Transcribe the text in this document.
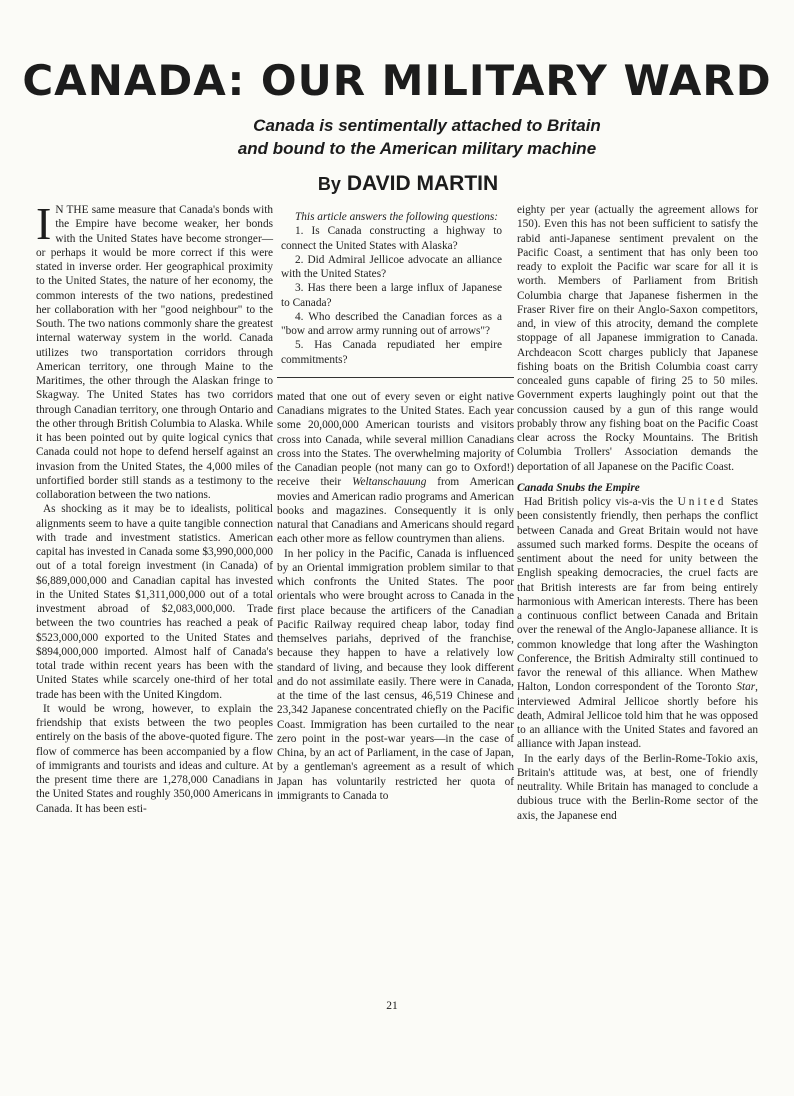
CANADA: OUR MILITARY WARD
Canada is sentimentally attached to Britain
and bound to the American military machine
By DAVID MARTIN

I N THE same measure that Canada's bonds with the Empire have become weaker, her bonds with the United States have become stronger—or perhaps it would be more correct if this were stated in inverse order. Her geographical proximity to the United States, the nature of her economy, the common interests of the two nations, predestined her collaboration with her "good neighbour" to the South. The two nations commonly share the greatest internal waterway system in the world. Canada utilizes two transportation corridors through American territory, one through Maine to the Maritimes, the other through the Alaskan fringe to Skagway. The United States has two corridors through Canadian territory, one through Ontario and the other through British Columbia to Alaska. While it has been pointed out by quite logical cynics that Canada could not hope to defend herself against an invasion from the United States, the 4,000 miles of unfortified border still stands as a testimony to the collaboration between the two nations.

As shocking as it may be to idealists, political alignments seem to have a quite tangible connection with trade and investment statistics. American capital has invested in Canada some $3,990,000,000 out of a total foreign investment (in Canada) of $6,889,000,000 and Canadian capital has invested in the United States $1,311,000,000 out of a total investment abroad of $2,083,000,000. Trade between the two countries has reached a peak of $523,000,000 exported to the United States and $894,000,000 imported. Almost half of Canada's total trade within recent years has been with the United States while scarcely one-third of her total trade has been with the United Kingdom.

It would be wrong, however, to explain the friendship that exists between the two peoples entirely on the basis of the above-quoted figure. The flow of commerce has been accompanied by a flow of immigrants and tourists and ideas and culture. At the present time there are 1,278,000 Canadians in the United States and roughly 350,000 Americans in Canada. It has been esti-

This article answers the following questions:

1. Is Canada constructing a highway to connect the United States with Alaska?

2. Did Admiral Jellicoe advocate an alliance with the United States?

3. Has there been a large influx of Japanese to Canada?

4. Who described the Canadian forces as a "bow and arrow army running out of arrows"?

5. Has Canada repudiated her empire commitments?

mated that one out of every seven or eight native Canadians migrates to the United States. Each year some 20,000,000 American tourists and visitors cross into Canada, while several million Canadians cross into the States. The overwhelming majority of the Canadian people (not many can go to Oxford!) receive their Weltanschauung from American movies and American radio programs and American books and magazines. Consequently it is only natural that Canadians and Americans should regard each other more as fellow countrymen than aliens.

In her policy in the Pacific, Canada is influenced by an Oriental immigration problem similar to that which confronts the United States. The poor orientals who were brought across to Canada in the first place because the artificers of the Canadian Pacific Railway required cheap labor, today find themselves pariahs, deprived of the franchise, because they happen to have a relatively low standard of living, and because they look different and do not assimilate easily. There were in Canada, at the time of the last census, 46,519 Chinese and 23,342 Japanese concentrated chiefly on the Pacific Coast. Immigration has been curtailed to the near zero point in the post-war years—in the case of China, by an act of Parliament, in the case of Japan, by a gentleman's agreement as a result of which Japan has voluntarily restricted her quota of immigrants to Canada to

eighty per year (actually the agreement allows for 150). Even this has not been sufficient to satisfy the rabid anti-Japanese sentiment prevalent on the Pacific Coast, a sentiment that has only been too ready to exploit the Pacific war scare for all it is worth. Members of Parliament from British Columbia charge that Japanese fishermen in the Fraser River fire on their Anglo-Saxon competitors, and, in view of this atrocity, demand the complete stoppage of all Japanese immigration to Canada. Archdeacon Scott charges publicly that Japanese fishing boats on the British Columbia coast carry concealed guns capable of firing 25 to 50 miles. Government experts laughingly point out that the concussion caused by a gun of this range would probably throw any fishing boat on the Pacific Coast clear across the Rocky Mountains. The British Columbia Trollers' Association demands the deportation of all Japanese on the Pacific Coast.

Canada Snubs the Empire

Had British policy vis-a-vis the United States been consistently friendly, then perhaps the conflict between Canada and Great Britain would not have assumed such marked forms. Despite the oceans of sentiment about the need for unity between the English speaking democracies, the cruel facts are that British interests are far from being entirely harmonious with American interests. There has been a continuous conflict between Canada and Britain over the renewal of the Anglo-Japanese alliance. It is common knowledge that long after the Washington Conference, the British Admiralty still continued to favor the renewal of this alliance. When Mathew Halton, London correspondent of the Toronto Star, interviewed Admiral Jellicoe shortly before his death, Admiral Jellicoe told him that he was opposed to an alliance with the United States and favored an alliance with Japan instead.

In the early days of the Berlin-Rome-Tokio axis, Britain's attitude was, at best, one of friendly neutrality. While Britain has managed to conclude a dubious truce with the Berlin-Rome sector of the axis, the Japanese end

21
